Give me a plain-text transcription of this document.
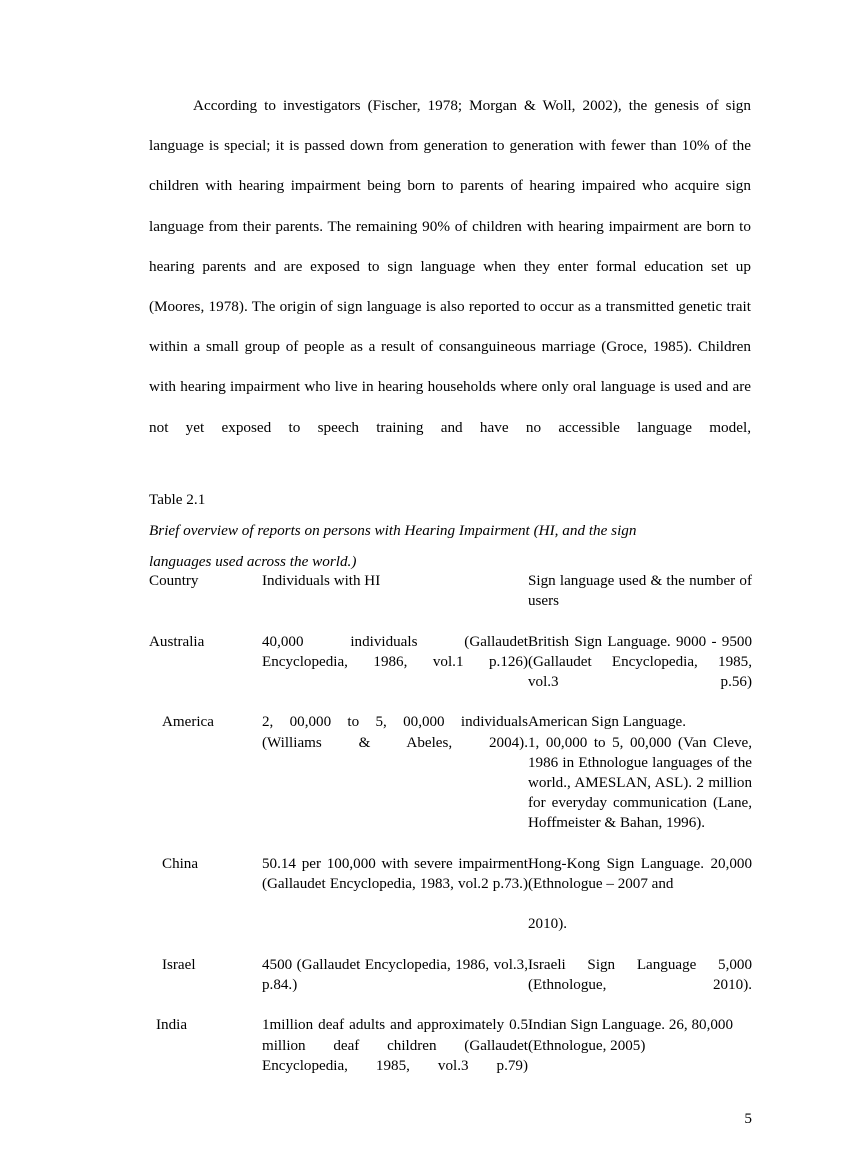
According to investigators (Fischer, 1978; Morgan & Woll, 2002), the genesis of sign language is special; it is passed down from generation to generation with fewer than 10% of the children with hearing impairment being born to parents of hearing impaired who acquire sign language from their parents. The remaining 90% of children with hearing impairment are born to hearing parents and are exposed to sign language when they enter formal education set up (Moores, 1978). The origin of sign language is also reported to occur as a transmitted genetic trait within a small group of people as a result of consanguineous marriage (Groce, 1985). Children with hearing impairment who live in hearing households where only oral language is used and are not yet exposed to speech training and have no accessible language model,

Table 2.1
Brief overview of reports on persons with Hearing Impairment (HI, and the sign languages used across the world.)
Country	Individuals with HI	Sign language used & the number of users
Australia	40,000 individuals (Gallaudet Encyclopedia, 1986, vol.1 p.126)	British Sign Language. 9000 - 9500 (Gallaudet Encyclopedia, 1985, vol.3 p.56)
America	2, 00,000 to 5, 00,000 individuals (Williams & Abeles, 2004).	American Sign Language.
1, 00,000 to 5, 00,000 (Van Cleve, 1986 in Ethnologue languages of the world., AMESLAN, ASL). 2 million for everyday communication (Lane, Hoffmeister & Bahan, 1996).

China	50.14 per 100,000 with severe impairment (Gallaudet Encyclopedia, 1983, vol.2 p.73.)	Hong-Kong Sign Language. 20,000 (Ethnologue – 2007 and
2010).

Israel	4500 (Gallaudet Encyclopedia, 1986, vol.3, p.84.)	Israeli Sign Language 5,000 (Ethnologue, 2010).
India	1million deaf adults and approximately 0.5 million deaf children (Gallaudet Encyclopedia, 1985, vol.3 p.79)	Indian Sign Language. 26, 80,000 (Ethnologue, 2005)
5
